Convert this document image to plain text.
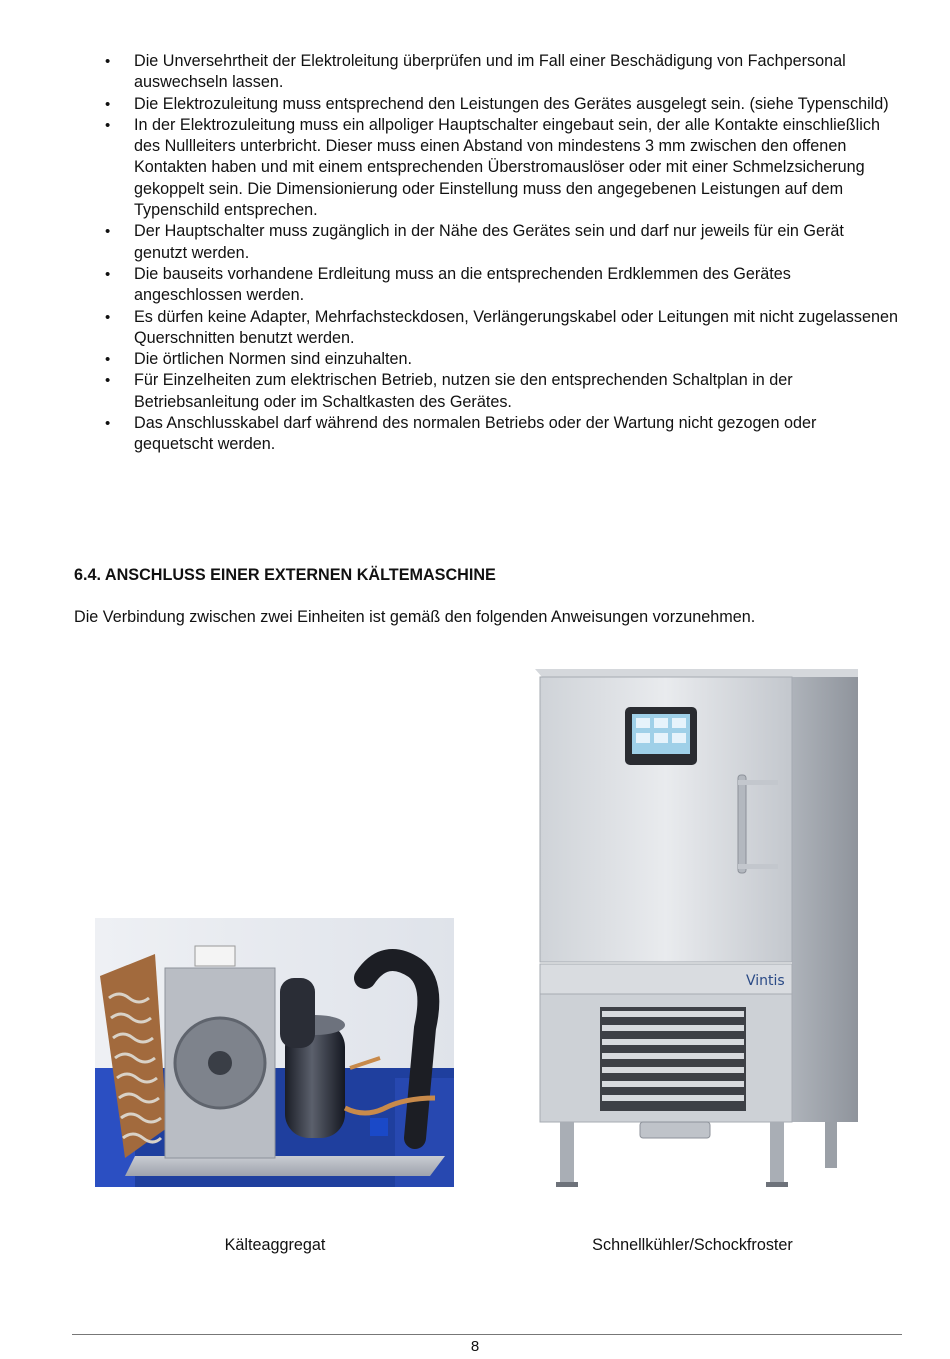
• Die Unversehrtheit der Elektroleitung überprüfen und im Fall einer Beschädigung von Fachpersonal auswechseln lassen.
• Die Elektrozuleitung muss entsprechend den Leistungen des Gerätes ausgelegt sein. (siehe Typenschild)
• In der Elektrozuleitung muss ein allpoliger Hauptschalter eingebaut sein, der alle Kontakte einschließlich des Nullleiters unterbricht. Dieser muss einen Abstand von mindestens 3 mm zwischen den offenen Kontakten haben und mit einem entsprechenden Überstromauslöser oder mit einer Schmelzsicherung gekoppelt sein. Die Dimensionierung oder Einstellung muss den angegebenen Leistungen auf dem Typenschild entsprechen.
• Der Hauptschalter muss zugänglich in der Nähe des Gerätes sein und darf nur jeweils für ein Gerät genutzt werden.
• Die bauseits vorhandene Erdleitung muss an die entsprechenden Erdklemmen des Gerätes angeschlossen werden.
• Es dürfen keine Adapter, Mehrfachsteckdosen, Verlängerungskabel oder Leitungen mit nicht zugelassenen Querschnitten benutzt werden.
• Die örtlichen Normen sind einzuhalten.
• Für Einzelheiten zum elektrischen Betrieb, nutzen sie den entsprechenden Schaltplan in der Betriebsanleitung oder im Schaltkasten des Gerätes.
• Das Anschlusskabel darf während des normalen Betriebs oder der Wartung nicht gezogen oder gequetscht werden.
6.4. ANSCHLUSS EINER EXTERNEN KÄLTEMASCHINE

Die Verbindung zwischen zwei Einheiten ist gemäß den folgenden Anweisungen vorzunehmen.

Vintis

Kälteaggregat	Schnellkühler/Schockfroster

8
